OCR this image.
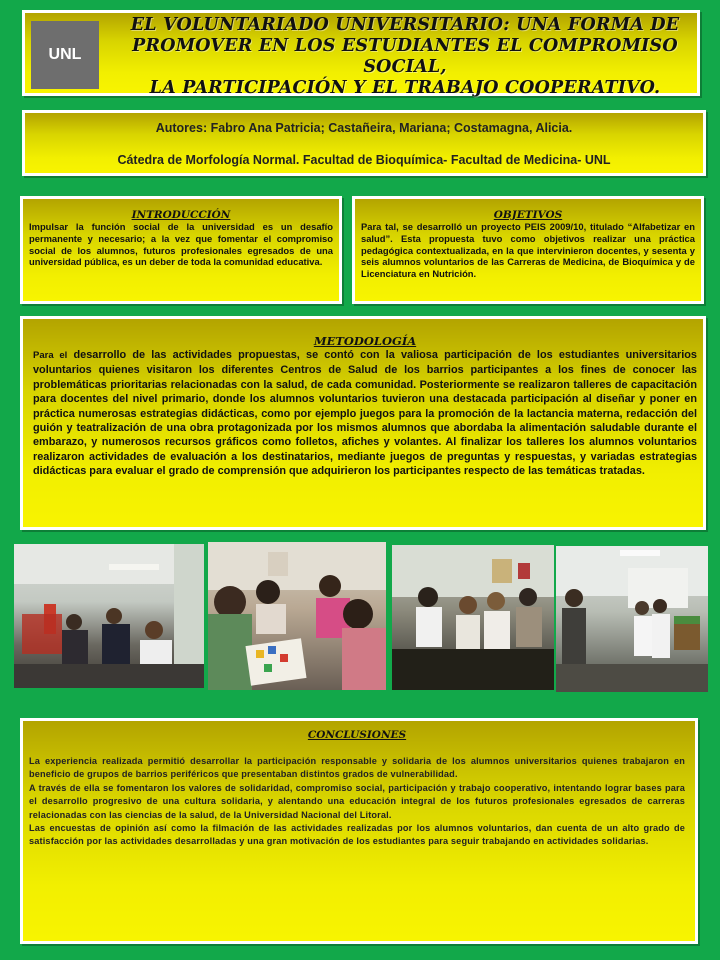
UNL
EL VOLUNTARIADO UNIVERSITARIO: UNA FORMA DE
PROMOVER EN LOS ESTUDIANTES EL COMPROMISO SOCIAL,
LA PARTICIPACIÓN Y EL TRABAJO COOPERATIVO.
Autores: Fabro Ana Patricia; Castañeira, Mariana; Costamagna, Alicia.
Cátedra de Morfología Normal. Facultad de Bioquímica- Facultad de Medicina- UNL
INTRODUCCIÓN
Impulsar la función social de la universidad es un desafío permanente y necesario; a la vez que fomentar el compromiso social de los alumnos, futuros profesionales egresados de una universidad pública, es un deber de toda la comunidad educativa.
OBJETIVOS
Para tal, se desarrolló un proyecto PEIS 2009/10, titulado “Alfabetizar en salud”. Esta propuesta tuvo como objetivos realizar una práctica pedagógica contextualizada, en la que intervinieron docentes, y sesenta y seis alumnos voluntarios de las Carreras de Medicina, de Bioquímica y de Licenciatura en Nutrición.
METODOLOGÍA
Para el desarrollo de las actividades propuestas, se contó con la valiosa participación de los estudiantes universitarios voluntarios quienes visitaron los diferentes Centros de Salud de los barrios participantes a los fines de conocer las problemáticas prioritarias relacionadas con la salud, de cada comunidad. Posteriormente se realizaron talleres de capacitación para docentes del nivel primario, donde los alumnos voluntarios tuvieron una destacada participación al diseñar y poner en práctica numerosas estrategias didácticas, como por ejemplo juegos para la promoción de la lactancia materna, redacción del guión y teatralización de una obra protagonizada por los mismos alumnos que abordaba la alimentación saludable durante el embarazo, y numerosos recursos gráficos como folletos, afiches y volantes. Al finalizar los talleres los alumnos voluntarios realizaron actividades de evaluación a los destinatarios, mediante juegos de preguntas y respuestas, y variadas estrategias didácticas para evaluar el grado de comprensión que adquirieron los participantes respecto de las temáticas tratadas.
CONCLUSIONES
La experiencia realizada permitió desarrollar la participación responsable y solidaria de los alumnos universitarios quienes trabajaron en beneficio de grupos de barrios periféricos que presentaban distintos grados de vulnerabilidad.
A través de ella se fomentaron los valores de solidaridad, compromiso social, participación y trabajo cooperativo, intentando lograr bases para el desarrollo progresivo de una cultura solidaria, y alentando una educación integral de los futuros profesionales egresados de carreras relacionadas con las ciencias de la salud, de la Universidad Nacional del Litoral.
Las encuestas de opinión así como la filmación de las actividades realizadas por los alumnos voluntarios, dan cuenta de un alto grado de satisfacción por las actividades desarrolladas y una gran motivación de los estudiantes para seguir trabajando en actividades solidarias.
